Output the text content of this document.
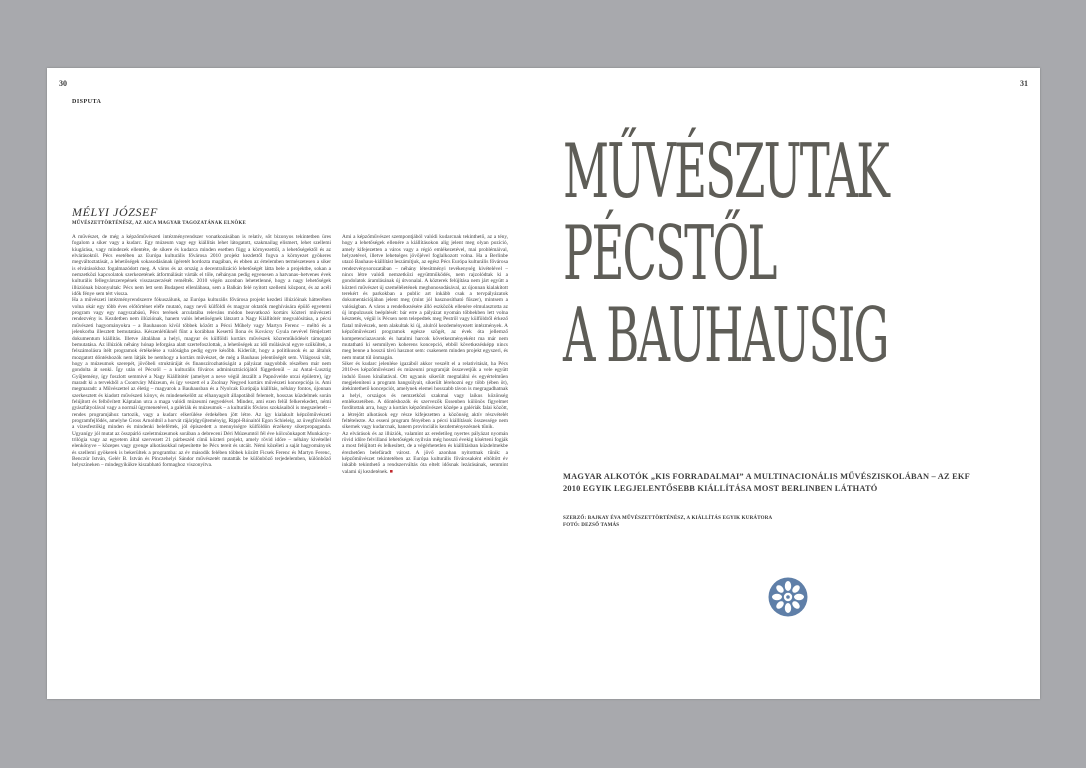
30	31
DISPUTA
MÉLYI JÓZSEF
MŰVÉSZETTÖRTÉNÉSZ, AZ AICA MAGYAR TAGOZATÁNAK ELNÖKE

A művészet, de még a képzőművészeti intézményrendszer vonatkozásában is relatív, sőt bizonyos tekintetben üres fogalom a siker vagy a kudarc. Egy múzeum vagy egy kiállítás lehet látogatott, szakmailag elismert, lehet szellemi kíugárása, vagy mindezek ellentéte, de sikere és kudarca minden esetben függ a környezettől, a lehetőségektől és az elvárásoktól. Pécs esetében az Európa kulturális fővárosa 2010 projekt kezdettől fogva a környezet gyökeres megváltoztatását, a lehetőségek sokasodásának ígéretét hordozta magában, és ebben az értelemben természetesen a siker is elvárásokhoz fogalmazódott meg. A város és az ország a decentralizáció lehetőségét látta bele a projektbe, sokan a nemzetközi kapcsolatok szerkezetének átformálását várták el tőle, néhányan pedig egyenesen a hatvanas–hetvenes évek kulturális fellegvárszerepének visszaszerzését remélték. 2010 végén azonban lehetetlenné, hogy a nagy lehetőségek illúziónak bizonyultak: Pécs nem lett sem Budapest ellenlábasa, sem a Balkán felé nyitott szellemi központ, és az acéli idők fénye sem tért vissza.

Ha a művészeti intézményrendszerre fókuszálunk, az Európa kulturális fővárosa projekt kezdeti illúzióinak hátterében volna okár egy több éves előtörténet eléfe mutató, nagy nevű külföldi és magyar oktatók meghívására épülő egyetemi program vagy egy nagyszabású, Pécs terének arculatába releváns módon beavatkozó kortárs közteri művészeti rendezvény is. Kezdetben nem illúziónak, hanem valós lehetőségnek látszott a Nagy Kiállítótér megvalósítása, a pécsi művészeti hagyományokra – a Bauhauson kívül többek között a Pécsi Műhely vagy Martyn Ferenc – méltó és a jelenkorba illesztett bemutatása. Készenlétüknél fűnt a korábban Kesertű Ilona és Kovácsy Gyula nevével fémjelzett dokumentum kiállítás. Illetve általában a helyi, magyar és külföldi kortárs művészek közreműködését támogató bemutatása. Az illúziók néhány hónap leforgása alatt szertefoszlottak, a lehetőségek az idő múlásával egyre szűkültek, a felszámolásra ítélt programok értékelése a valóságba pedig egyre később. Kiderült, hogy a politikusok és az általuk mozgatott döntéshozók nem látják be nemhogy a kortárs művészet, de még a Bauhaus jelentőségét sem. Világossá vált, hogy a múzeumok szerepét, jövőbeli struktúráját és finanszírozhatóságát a pályázat nagyobbik részében már nem gondolta át senki. Így után el Pécsről – a kulturális főváros adminisztrációjától függetlenül – az Antal–Lusztig Gyűjtemény, így foszlott semmivé a Nagy Kiállítótér (amelyet a neve végül átszállt a Papnövelde utcai épületre), így maradt ki a tervekből a Csontváry Múzeum, és így veszett el a Zsolnay Negyed kortárs művészeti koncepciója is. Ami megmaradt: a Művészettel az életig – magyarok a Bauhausban és a Nyolcak Európája kiállítás, néhány fontos, újonnan szerkesztett és kiadott művészeti könyv, és mindenekelőtt az elhanyagolt állapotából felemelt, hosszas küzdelmek során felújított és felbővített Káptalan utca a maga valódi múzeumi negyedével. Mindez, ami ezen felül felkerekedett, némi gyászfátyolával vagy a normál ügymenetével, a galériák és múzeumok – a kulturális főváros szokásaiból is megszeletelt – rendes programjához tartozik, vagy a kudarc elkerülése érdekében jött létre. Az így kialakult képzőművészeti programfejlődés, amelyhe Gross Arnoldtól a horvát rájárjdgyűjteményig, Rippl-Rónaitól Egon Schieleig, az üvegfúvóktól a vízesfestőkig minden és mindenki belefértek, jól épíszedett a mennyiségre külföldön érzékeny sikerpropaganda. Ugyanígy jól mutat az összpárló szeletmúzeumok sorában a debreceni Déri Múzeumtól fél éve kölcsönkapott Munkácsy-trilógia vagy az egyetem által szervezett 21 párbeszéd című közteri projekt, amely rövid időre – néhány kivétellel elenkönyve – közepes vagy gyenge alkotásokkal népesítette be Pécs tereit és utcáit. Némi közéleti a saját hagyományok és szellemi gyökerek is bekerültek a programba: az év második felében többek között Ficsek Ferenc és Martyn Ferenc, Benczúr István, Gelér B. István és Pinczehelyi Sándor művészetét mutatták be különböző terjedelemben, különböző helyszíneken – mindegyikükre kiszabható formaghoz viszonyítva.

Ami a képzőművészet szempontjából valódi kudarcnak tekinthető, az a tény, hogy a lehetőségek ellenére a kiállításokon alig jelent meg olyan pozíció, amely kifejezetten a város vagy a régió emlékezetével, mai problémáival, helyzetével, illetve lehetséges jövőjével foglalkozott volna. Ha a Berlinbe utazó Bauhaus-kiállítást leszámítjuk, az egész Pécs Európa kulturális fővárosa rendezvénysorozatában – néhány létesítményi tevékenység kivételével – nincs létre valódi nemzetközi együttműködés, nem rajzolódtak ki a gondolatok áramlásának új útvonalai. A közterek felújítása nem járt együtt a közteri művészet új személéletének meghonosodásával, az újonnan kialakított terekért és parkokban a public art inkább csak a tervpályázatok dokumentációjában jelent meg (mint jól hasznosítható fűszer), mintsem a valóságban. A város a rendelkezésére álló eszközök ellenére elmulasztotta az új impulzusok beépítését: bár erre a pályázat nyomán többekben lett volna késztetés, végül is Pécsen nem telepedtek meg Pestről vagy külföldről érkező fiatal művészek, nem alakultak ki új, alulról kezdeményezett intézmények. A képzőművészeti programok egésze szögét, az évek óta jellemző kompetenciazavarok és hatalmi harcok következményeként ma már nem mutatható ki semmilyen koherens koncepció, ebből következésképp nincs meg benne a hosszú távú hasznot sem: csakenem minden projekt egyszeri, és nem mutat túl önmagán.

Siker és kudarc jelenlése igazából akkor veszélt el a relativitását, ha Pécs 2010-es képzőművészeti és múzeumi programját összevetjük a vele együtt induló Essen kínálatával. Ott ugyanis sikerült megtalálni és egyértelműen megjeleníteni a program hangsúlyait, sikerült lérehozni egy több (ében öt), átekintethető koncepciót, amelynek elemei hosszabb távon is megragadhatnak a helyi, országos és nemzetközi szakmai vagy laikus közönség emlékezetében. A döntéshozók és szervezők Essenben különös figyelmet fordítottak arra, hogy a kortárs képzőművészet középe a galériák falai között, a létrejött alkotások egy része kifejezetten a közönség aktív részvételét feltételezte. Az esseni program fényében a pécsi kiállítások összessége nem sikernek vagy kudarcnak, hanem provinciális kezdeményezésnek tűnik.

Az elvárások és az illúziók, valamint az eredetileg nyertes pályázat nyomán rövid időre felvillanó lehetőségek nyilván még hosszú évekig kísérteni fogják a most felújított és lelkesített, de a végérhetetlen és kiállításban küzdelmekbe érezhetően belefáradt várost. A jövő azonban nyitottnak tűnik: a képzőművészet tekintetében az Európa kulturális fővárosaként eltöltött év inkább tekinthető a rendszerváltás óta eltelt idősnak lezárásának, semmint valami új kezdetének. ■

MŰVÉSZUTAK
PÉCSTŐL
A BAUHAUSIG
MAGYAR ALKOTÓK „KIS FORRADALMAI” A MULTINACIONÁLIS MŰVÉSZISKOLÁBAN – AZ EKF 2010 EGYIK LEGJELENTŐSEBB KIÁLLÍTÁSA MOST BERLINBEN LÁTHATÓ
SZERZŐ: BAJKAY ÉVA MŰVÉSZETTÖRTÉNÉSZ, A KIÁLLÍTÁS EGYIK KURÁTORA
FOTÓ: DEZSŐ TAMÁS
